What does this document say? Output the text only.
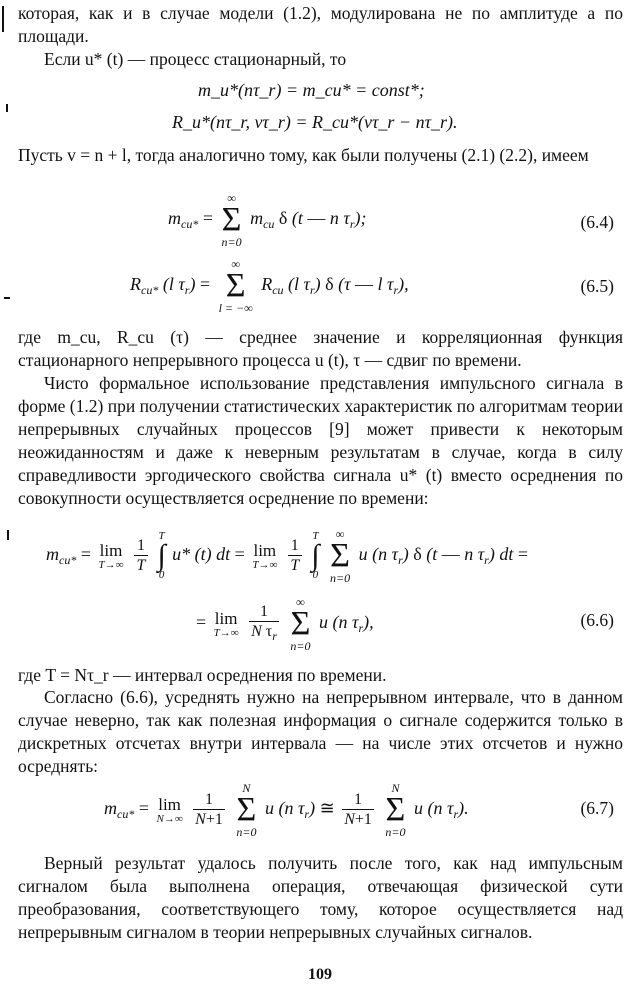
которая, как и в случае модели (1.2), модулирована не по амплитуде а по площади.

Если u* (t) — процесс стационарный, то

m_u*(nτ_r) = m_cu* = const*;
R_u*(nτ_r, vτ_r) = R_cu*(vτ_r − nτ_r).

Пусть v = n + l, тогда аналогично тому, как были получены (2.1) (2.2), имеем

$m_{cu*}$ =
∞
Σ
n=0
$m_{cu}$ δ (t — n $\tau_r$);	(6.4)
$R_{cu*}$ (l $\tau_r$) =
∞
Σ
l = −∞
$R_{cu}$ (l $\tau_r$) δ (τ — l $\tau_r$),	(6.5)

где m_cu, R_cu (τ) — среднее значение и корреляционная функция стационарного непрерывного процесса u (t), τ — сдвиг по времени.

Чисто формальное использование представления импульсного сигнала в форме (1.2) при получении статистических характеристик по алгоритмам теории непрерывных случайных процессов [9] может привести к некоторым неожиданностям и даже к неверным результатам в случае, когда в силу справедливости эргодического свойства сигнала u* (t) вместо осреднения по совокупности осуществляется осреднение по времени:

$m_{cu*} = \lim$
T→∞
$\frac{1}{T}$

T
∫
0
u* (t) dt = lim
T→∞
$\frac{1}{T}$

T
∫
0

∞
Σ
n=0
u (n $\tau_r$) δ (t — n $\tau_r$) dt =
= lim
T→∞
$\frac{1}{N \tau_r}$

∞
Σ
n=0
u (n $\tau_r$),	(6.6)

где T = Nτ_r — интервал осреднения по времени.

Согласно (6.6), усреднять нужно на непрерывном интервале, что в данном случае неверно, так как полезная информация о сигнале содержится только в дискретных отсчетах внутри интервала — на числе этих отсчетов и нужно осреднять:

$m_{cu*} = \lim$
N→∞
$\frac{1}{N+1}$

N
Σ
n=0
u (n $\tau_r$) ≅ $\frac{1}{N+1}$

N
Σ
n=0
u (n $\tau_r$).	(6.7)

Верный результат удалось получить после того, как над импульсным сигналом была выполнена операция, отвечающая физической сути преобразования, соответствующего тому, которое осуществляется над непрерывным сигналом в теории непрерывных случайных сигналов.

109
